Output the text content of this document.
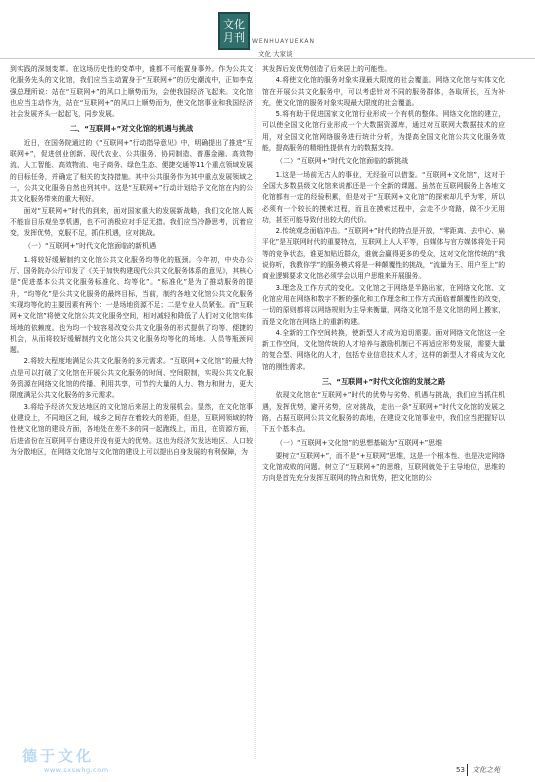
文化
月刊 WENHUAYUEKAN
文化 大家谈

到实践的深刻变革。在这场历史性的变革中，谁都不可能置身事外。作为公共文化服务先头的文化馆，我们应当主动置身于“互联网+”的历史潮流中，正如李克强总理所说：站在“互联网+”的风口上顺势而为，会使我国经济飞起来。文化馆也应当主动作为，站在“互联网+”的风口上顺势而为，使文化馆事业和我国经济社会发展齐头一起起飞，同步发展。

二、“互联网+”对文化馆的机遇与挑战

近日，在国务院通过的《“互联网+”行动指导意见》中，明确提出了推进“互联网+”，促进创业创新、现代农业、公共服务、协同制造、普惠金融、高效物流、人工智能、高效物流、电子商务、绿色生态、便捷交通等11个重点领域发展的目标任务，并确定了相关的支持措施。其中公共服务作为其中重点发展领域之一，公共文化服务自然也列其中。这是“互联网+”行动计划给予文化馆在内的公共文化服务带来的重大利好。

面对“互联网+”时代的到来，面对国家重大的发展新战略，我们文化馆人既不能盲目乐观坐享机遇，也不可消极应对手足无措。我们应当冷静思考，沉着应变，发挥优势，克服不足，抓住机遇，应对挑战。

（一）“互联网+”时代文化馆面临的新机遇

1.将较好缓解制约文化馆公共文化服务均等化的瓶颈。今年初，中央办公厅、国务院办公厅印发了《关于加快构建现代公共文化服务体系的意见》，其核心是“促进基本公共文化服务标准化、均等化”。“标准化”是为了推动服务的提升，“均等化”是公共文化服务的最终目标，当前，制约各地文化馆公共文化服务实现均等化的主要因素有两个：一是场地资源不足；二是专业人员紧张。而“互联网+文化馆”将使文化馆公共文化服务空间，相对减轻和降低了人们对文化馆实体场地的依赖度。也为均一个较容易改变公共文化服务的形式提供了均等、便捷的机会，从而将较好缓解制约文化馆公共文化服务均等化的场地、人员等瓶颈问题。

2.将较大程度地满足公共文化服务的多元需求。“互联网+文化馆”的最大特点是可以打破了文化馆在开展公共文化服务的时间、空间限制，实现公共文化服务资源在网络文化馆的传播、利用共享，可节约大量的人力、物力和财力，更大限度满足公共文化服务的多元需求。

3.将给予经济欠发达地区的文化馆后来居上的发展机会。显然，在文化馆事业建设上，不同地区之间，城乡之间存在着较大的差距，但是，互联网领域的特性使文化馆的建设方面，各地处在差不多的同一起跑线上，而且，在资源方面，后进省份在互联网平台建设并没有更大的优势。这也为经济欠发达地区、人口较为分散地区，在网络文化馆与文化馆的建设上可以提出自身发展的有利保障，为

其发挥后发优势创造了后来居上的可能性。

4.将使文化馆的服务对象实现最大限度的社会覆盖。网络文化馆与实体文化馆在开展公共文化服务中，可以考虑针对不同的服务群体，各取所长，互为补充，使文化馆的服务对象实现最大限度的社会覆盖。

5.将有助于促进国家文化馆行业形成一个有机的整体。网络文化馆的建立，可以使全国文化馆行业形成一个大数据资源库，通过对互联网大数据技术的应用，对全国文化馆网络服务进行统计分析，为提高全国文化馆公共文化服务效能，提高服务的精细性提供有力的数据支持。

（二）“互联网+”时代文化馆面临的新挑战

1.这是一场前无古人的事业，无经验可以借鉴。“互联网+文化馆”，这对于全国大多数县级文化馆来说都还是一个全新的课题。虽然在互联网服务上各地文化馆都有一定的经验积累，但是对于“互联网+文化馆”的探索却几乎为零，所以必须有一个较长的摸索过程，而且在摸索过程中，会走不少弯路，做不少无用功，甚至可能导致付出较大的代价。

2.传统观念面临冲击。“互联网+”时代的特点是开放，“零距离、去中心、扁平化”是互联网时代的重要特点，互联网上人人平等，自媒体与官方媒体将处于同等的竞争状态，谁更加贴近群众，谁就会赢得更多的受众，这对文化馆传统的“我说你听，我教你学”的服务模式将是一种颠覆性的挑战，“流量为王、用户至上”的商业逻辑要求文化馆必须学会以用户思维来开展服务。

3.理念及工作方式的变化。文化馆之于网络是半路出家，在网络文化馆、文化馆应用在网络和数字不断的强化和工作理念和工作方式面临着颠覆性的改变，一切的原则都将以网络规则为主导来衡量，网络文化馆不是文化馆的网上搬家，而是文化馆在网络上的重新构建。

4.全新的工作空间转换，使新型人才成为迫切需要。面对网络文化馆这一全新工作空间，文化馆传统的人才培养与激励机制已不再适应形势发展，需要大量的复合型、网络化的人才，包括专业信息技术人才，这样的新型人才将成为文化馆的刚性需求。

三、“互联网+”时代文化馆的发展之路

依现文化馆在“互联网+”时代的优势与劣势、机遇与挑战，我们应当抓住机遇，发挥优势，避开劣势，应对挑战，走出一条“互联网+”时代文化馆的发展之路，占据互联网公共文化服务的高地，在建设文化馆事业中，我们应当把握好以下五个基本点。

（一）“互联网+文化馆”的思想基础为“互联网+”思维

要树立“互联网+”，而不是“+互联网”思维，这是一个根本性、也是决定网络文化馆成败的问题。树立了“互联网+”的思维，互联网就处于主导地位，思维的方向是首先充分发挥互联网的特点和优势，把文化馆的公

德于文化
www.sxswhg.com	53 文化之苑
